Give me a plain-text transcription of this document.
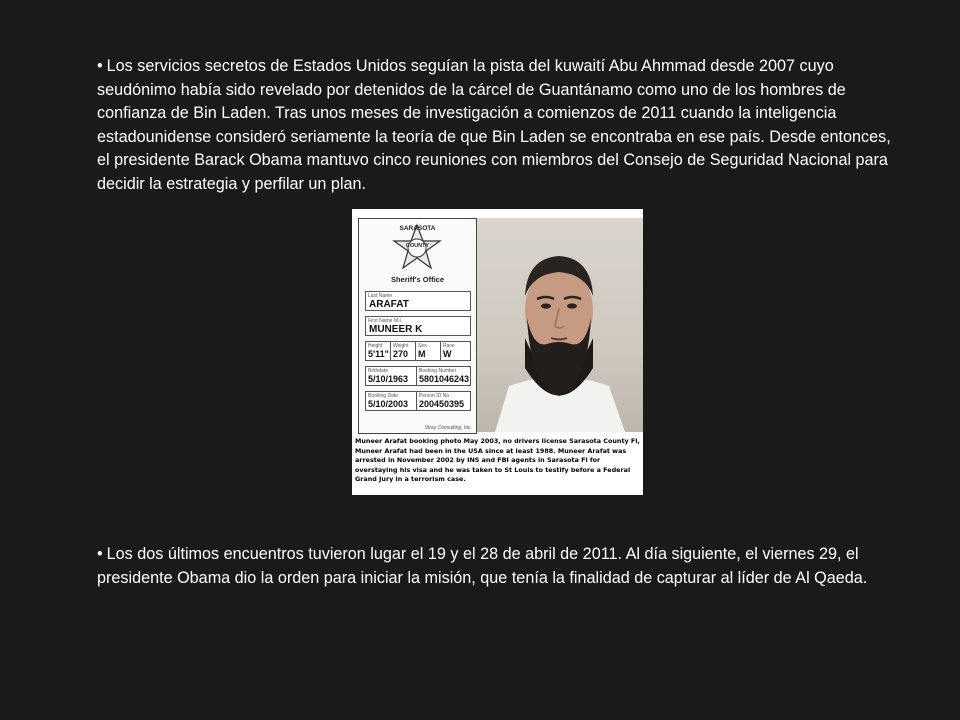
• Los servicios secretos de Estados Unidos seguían la pista del kuwaití Abu Ahmmad desde 2007 cuyo seudónimo había sido revelado por detenidos de la cárcel de Guantánamo como uno de los hombres de confianza de Bin Laden. Tras unos meses de investigación a comienzos de 2011 cuando la inteligencia estadounidense consideró seriamente la teoría de que Bin Laden se encontraba en ese país. Desde entonces, el presidente Barack Obama mantuvo cinco reuniones con miembros del Consejo de Seguridad Nacional para decidir la estrategia y perfilar un plan.

SARASOTA
COUNTY
Sheriff's Office
Last Name
ARAFAT
First Name M.I.
MUNEER K
Height
5'11"
Weight
270
Sex
M
Race
W
Birthdate
5/10/1963
Booking Number
5801046243
Booking Date
5/10/2003
Person ID No.
200450395
Stray Consulting, Inc.
Muneer Arafat booking photo May 2003, no drivers license Sarasota County Fl, Muneer Arafat had been in the USA since at least 1988. Muneer Arafat was arrested in November 2002 by INS and FBI agents in Sarasota Fl for overstaying his visa and he was taken to St Louis to testify before a Federal Grand Jury in a terrorism case.

• Los dos últimos encuentros tuvieron lugar el 19 y el 28 de abril de 2011. Al día siguiente, el viernes 29, el presidente Obama dio la orden para iniciar la misión, que tenía la finalidad de capturar al líder de Al Qaeda.
